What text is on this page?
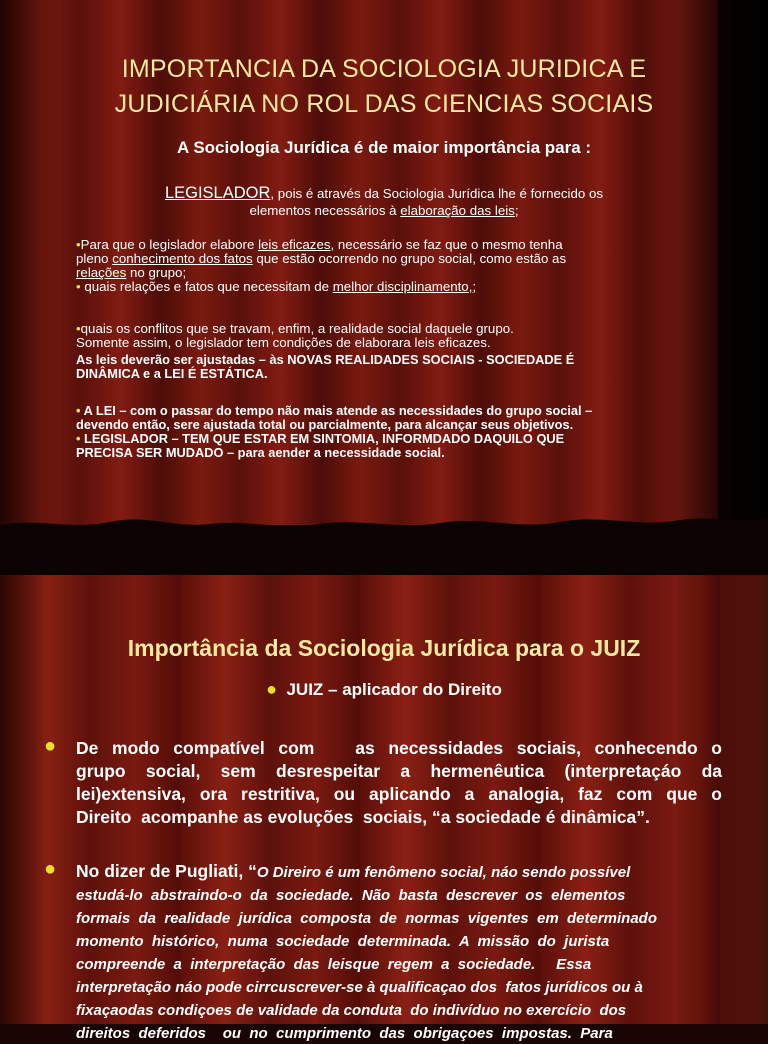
IMPORTANCIA DA SOCIOLOGIA JURIDICA E
JUDICIÁRIA NO ROL DAS CIENCIAS SOCIAIS
A Sociologia Jurídica é de maior importância para :
LEGISLADOR, pois é através da Sociologia Jurídica lhe é fornecido os
elementos necessários à elaboração das leis;
•Para que o legislador elabore leis eficazes, necessário se faz que o mesmo tenha
pleno conhecimento dos fatos que estão ocorrendo no grupo social, como estão as
relações no grupo;
• quais relações e fatos que necessitam de melhor disciplinamento,;
•quais os conflitos que se travam, enfim, a realidade social daquele grupo.
Somente assim, o legislador tem condições de elaborara leis eficazes.
As leis deverão ser ajustadas – às NOVAS REALIDADES SOCIAIS - SOCIEDADE É
DINÂMICA e a LEI É ESTÁTICA.
• A LEI – com o passar do tempo não mais atende as necessidades do grupo social –
devendo então, sere ajustada total ou parcialmente, para alcançar seus objetivos.
• LEGISLADOR – TEM QUE ESTAR EM SINTOMIA, INFORMDADO DAQUILO QUE
PRECISA SER MUDADO – para aender a necessidade social.
Importância da Sociologia Jurídica para o JUIZ
● JUIZ – aplicador do Direito
● De modo compatível com   as necessidades sociais, conhecendo o
grupo  social,  sem  desrespeitar  a  hermenêutica  (interpretaçáo  da
lei)extensiva, ora restritiva, ou aplicando a analogia, faz com que o
Direito  acompanhe as evoluções  sociais, “a sociedade é dinâmica”.
● No dizer de Pugliati, “O Direiro é um fenômeno social, náo sendo possível
estudá-lo  abstraindo-o  da  sociedade.  Não  basta  descrever  os  elementos
formais  da  realidade  jurídica  composta  de  normas  vigentes  em  determinado
momento  histórico,  numa  sociedade  determinada.  A  missão  do  jurista
compreende  a  interpretação  das  leisque  regem  a  sociedade.     Essa
interpretação náo pode cirrcuscrever-se à qualificaçao dos  fatos jurídicos ou à
fixaçaodas condiçoes de validade da conduta  do indivíduo no exercício  dos
direitos  deferidos    ou  no  cumprimento  das  obrigaçoes  impostas.  Para
